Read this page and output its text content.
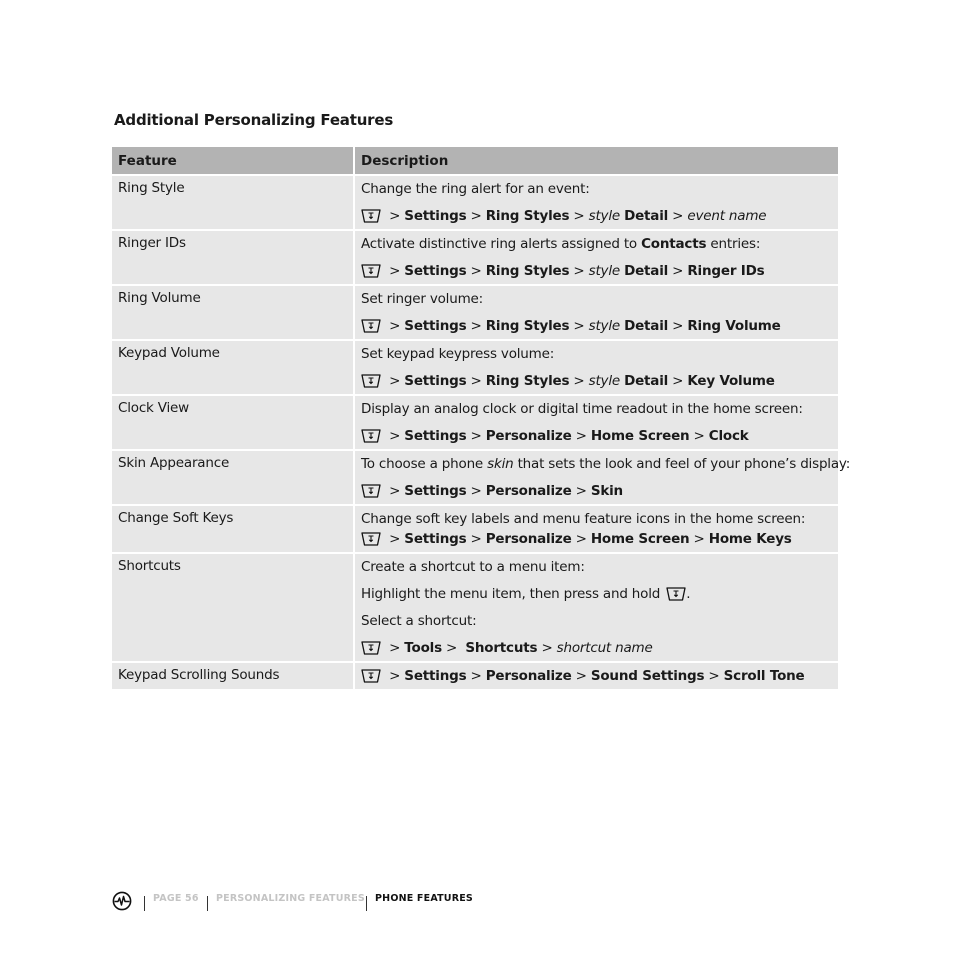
Additional Personalizing Features
Feature	Description
Ring Style	Change the ring alert for an event:
> Settings > Ring Styles > style Detail > event name

Ringer IDs	Activate distinctive ring alerts assigned to Contacts entries:
> Settings > Ring Styles > style Detail > Ringer IDs

Ring Volume	Set ringer volume:
> Settings > Ring Styles > style Detail > Ring Volume

Keypad Volume	Set keypad keypress volume:
> Settings > Ring Styles > style Detail > Key Volume

Clock View	Display an analog clock or digital time readout in the home screen:
> Settings > Personalize > Home Screen > Clock

Skin Appearance	To choose a phone skin that sets the look and feel of your phone’s display:
> Settings > Personalize > Skin

Change Soft Keys	Change soft key labels and menu feature icons in the home screen:
> Settings > Personalize > Home Screen > Home Keys

Shortcuts	Create a shortcut to a menu item:
Highlight the menu item, then press and hold
.
Select a shortcut:
> Tools >  Shortcuts > shortcut name

Keypad Scrolling Sounds	> Settings > Personalize > Sound Settings > Scroll Tone
PAGE 56 PERSONALIZING FEATURES PHONE FEATURES
